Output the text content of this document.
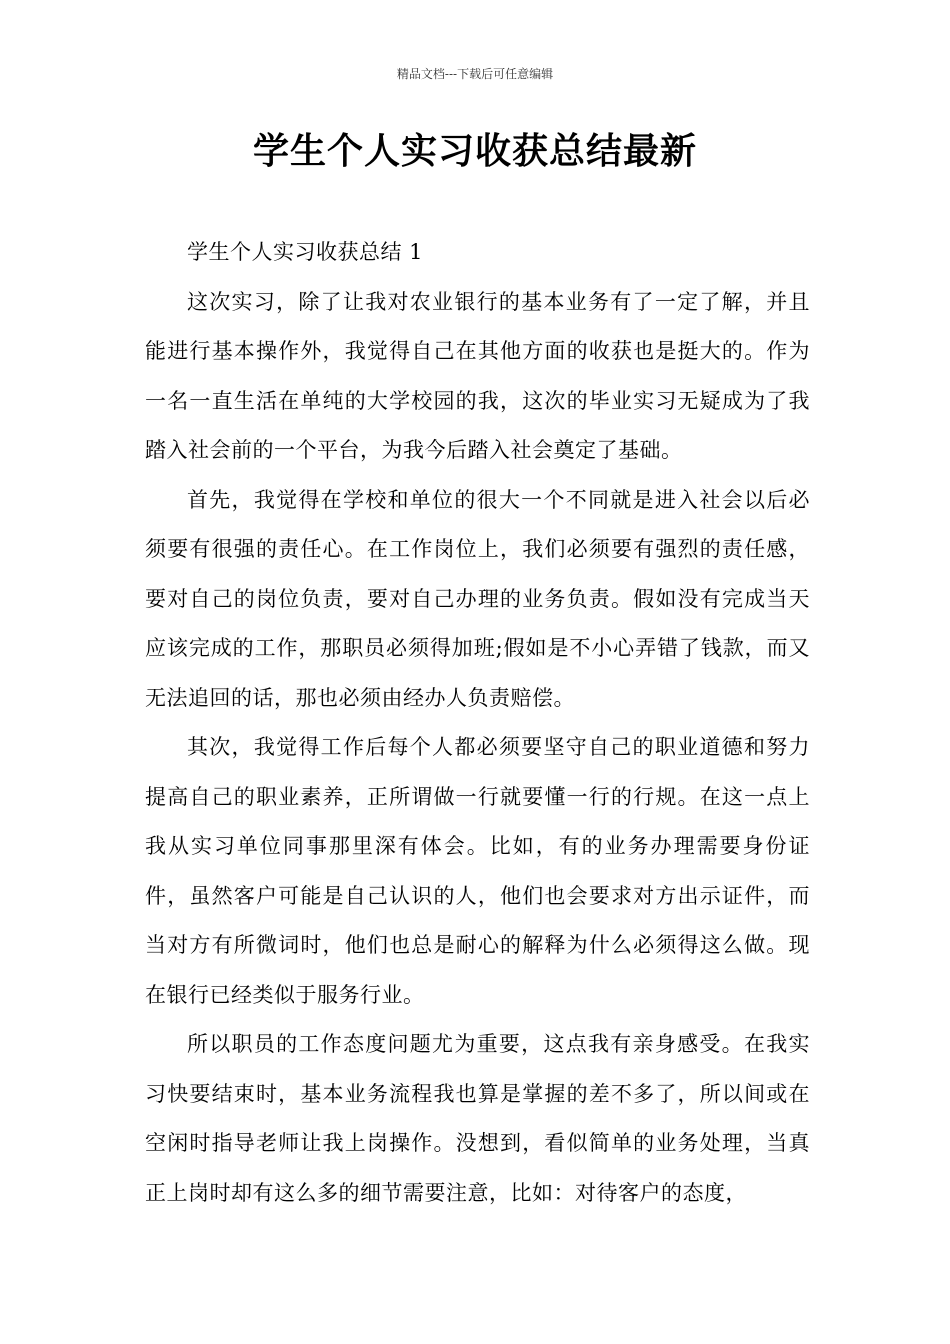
精品文档---下载后可任意编辑
学生个人实习收获总结最新
学生个人实习收获总结 1

这次实习，除了让我对农业银行的基本业务有了一定了解，并且能进行基本操作外，我觉得自己在其他方面的收获也是挺大的。作为一名一直生活在单纯的大学校园的我，这次的毕业实习无疑成为了我踏入社会前的一个平台，为我今后踏入社会奠定了基础。

首先，我觉得在学校和单位的很大一个不同就是进入社会以后必须要有很强的责任心。在工作岗位上，我们必须要有强烈的责任感，要对自己的岗位负责，要对自己办理的业务负责。假如没有完成当天应该完成的工作，那职员必须得加班;假如是不小心弄错了钱款，而又无法追回的话，那也必须由经办人负责赔偿。

其次，我觉得工作后每个人都必须要坚守自己的职业道德和努力提高自己的职业素养，正所谓做一行就要懂一行的行规。在这一点上我从实习单位同事那里深有体会。比如，有的业务办理需要身份证件，虽然客户可能是自己认识的人，他们也会要求对方出示证件，而当对方有所微词时，他们也总是耐心的解释为什么必须得这么做。现在银行已经类似于服务行业。

所以职员的工作态度问题尤为重要，这点我有亲身感受。在我实习快要结束时，基本业务流程我也算是掌握的差不多了，所以间或在空闲时指导老师让我上岗操作。没想到，看似简单的业务处理，当真正上岗时却有这么多的细节需要注意，比如：对待客户的态度，
